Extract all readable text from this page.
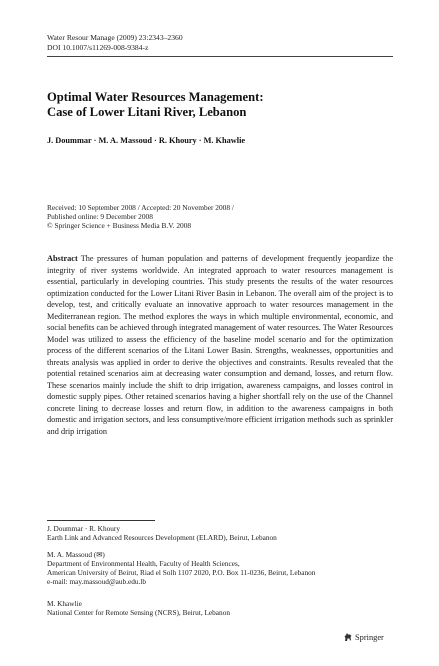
Water Resour Manage (2009) 23:2343–2360
DOI 10.1007/s11269-008-9384-z
Optimal Water Resources Management:
Case of Lower Litani River, Lebanon
J. Doummar · M. A. Massoud · R. Khoury · M. Khawlie
Received: 10 September 2008 / Accepted: 20 November 2008 /
Published online: 9 December 2008
© Springer Science + Business Media B.V. 2008
Abstract The pressures of human population and patterns of development frequently jeopardize the integrity of river systems worldwide. An integrated approach to water resources management is essential, particularly in developing countries. This study presents the results of the water resources optimization conducted for the Lower Litani River Basin in Lebanon. The overall aim of the project is to develop, test, and critically evaluate an innovative approach to water resources management in the Mediterranean region. The method explores the ways in which multiple environmental, economic, and social benefits can be achieved through integrated management of water resources. The Water Resources Model was utilized to assess the efficiency of the baseline model scenario and for the optimization process of the different scenarios of the Litani Lower Basin. Strengths, weaknesses, opportunities and threats analysis was applied in order to derive the objectives and constraints. Results revealed that the potential retained scenarios aim at decreasing water consumption and demand, losses, and return flow. These scenarios mainly include the shift to drip irrigation, awareness campaigns, and losses control in domestic supply pipes. Other retained scenarios having a higher shortfall rely on the use of the Channel concrete lining to decrease losses and return flow, in addition to the awareness campaigns in both domestic and irrigation sectors, and less consumptive/more efficient irrigation methods such as sprinkler and drip irrigation
J. Doummar · R. Khoury
Earth Link and Advanced Resources Development (ELARD), Beirut, Lebanon
M. A. Massoud (✉)
Department of Environmental Health, Faculty of Health Sciences,
American University of Beirut, Riad el Solh 1107 2020, P.O. Box 11-0236, Beirut, Lebanon
e-mail: may.massoud@aub.edu.lb
M. Khawlie
National Center for Remote Sensing (NCRS), Beirut, Lebanon
Springer
